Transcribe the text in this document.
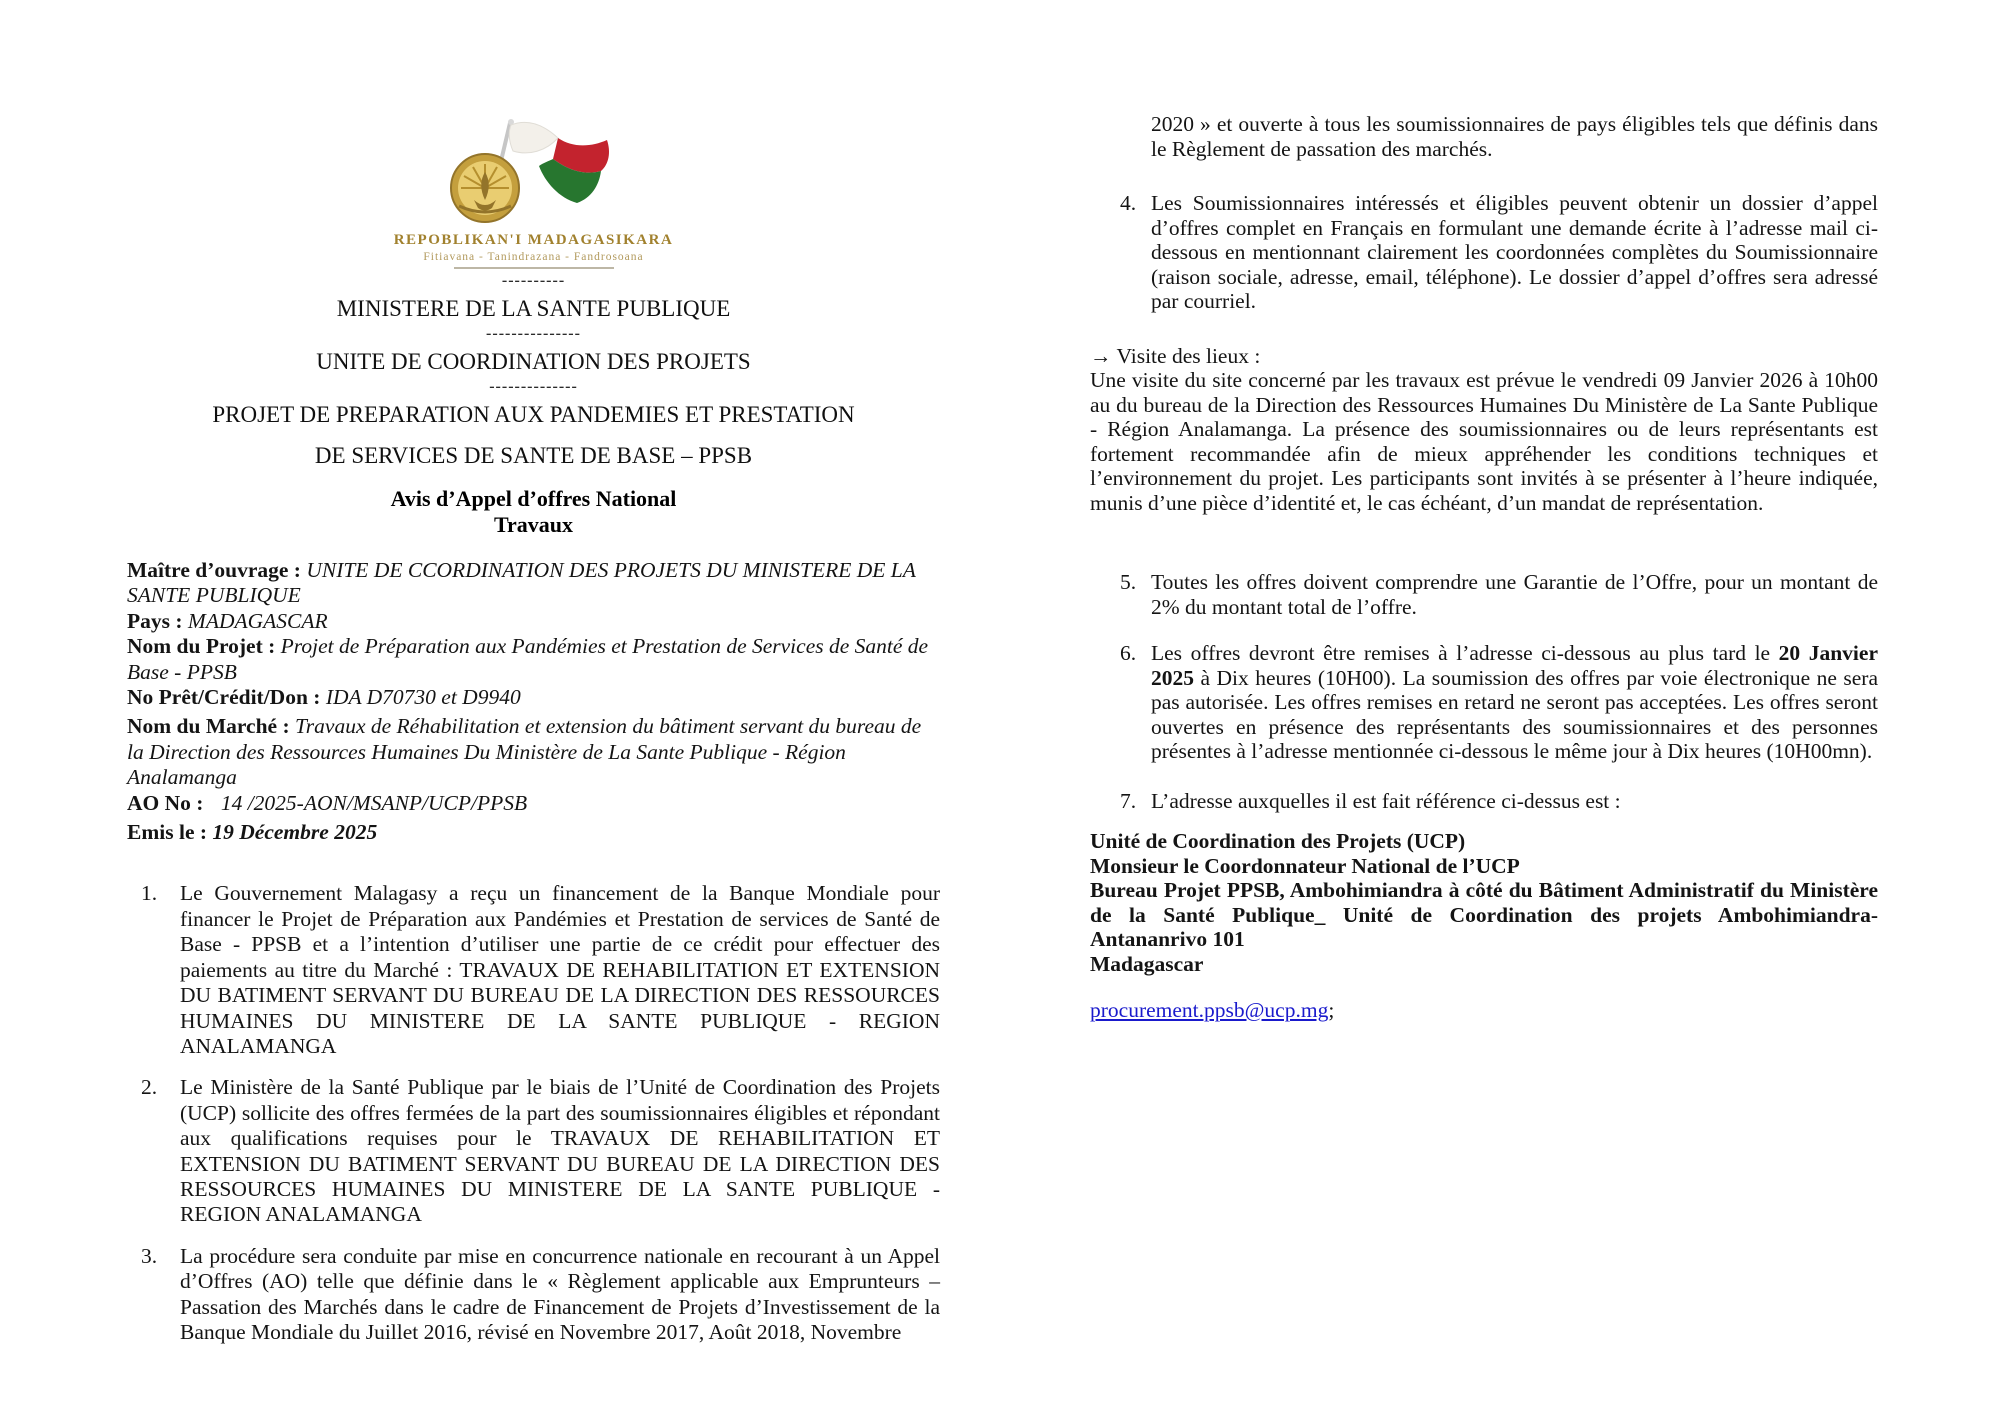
REPOBLIKAN'I MADAGASIKARA
Fitiavana - Tanindrazana - Fandrosoana
----------
MINISTERE DE LA SANTE PUBLIQUE
---------------
UNITE DE COORDINATION DES PROJETS
--------------
PROJET DE PREPARATION AUX PANDEMIES ET PRESTATION
DE SERVICES DE SANTE DE BASE – PPSB
Avis d’Appel d’offres National
Travaux
Maître d’ouvrage : UNITE DE CCORDINATION DES PROJETS DU MINISTERE DE LA SANTE PUBLIQUE
Pays : MADAGASCAR
Nom du Projet : Projet de Préparation aux Pandémies et Prestation de Services de Santé de Base - PPSB
No Prêt/Crédit/Don : IDA D70730 et D9940
Nom du Marché : Travaux de Réhabilitation et extension du bâtiment servant du bureau de la Direction des Ressources Humaines Du Ministère de La Sante Publique - Région Analamanga
AO No : 14 /2025-AON/MSANP/UCP/PPSB
Emis le : 19 Décembre 2025
1. Le Gouvernement Malagasy a reçu un financement de la Banque Mondiale pour financer le Projet de Préparation aux Pandémies et Prestation de services de Santé de Base - PPSB et a l’intention d’utiliser une partie de ce crédit pour effectuer des paiements au titre du Marché : TRAVAUX DE REHABILITATION ET EXTENSION DU BATIMENT SERVANT DU BUREAU DE LA DIRECTION DES RESSOURCES HUMAINES DU MINISTERE DE LA SANTE PUBLIQUE - REGION ANALAMANGA
2. Le Ministère de la Santé Publique par le biais de l’Unité de Coordination des Projets (UCP) sollicite des offres fermées de la part des soumissionnaires éligibles et répondant aux qualifications requises pour le TRAVAUX DE REHABILITATION ET EXTENSION DU BATIMENT SERVANT DU BUREAU DE LA DIRECTION DES RESSOURCES HUMAINES DU MINISTERE DE LA SANTE PUBLIQUE - REGION ANALAMANGA
3. La procédure sera conduite par mise en concurrence nationale en recourant à un Appel d’Offres (AO) telle que définie dans le « Règlement applicable aux Emprunteurs – Passation des Marchés dans le cadre de Financement de Projets d’Investissement de la Banque Mondiale du Juillet 2016, révisé en Novembre 2017, Août 2018, Novembre

2020 » et ouverte à tous les soumissionnaires de pays éligibles tels que définis dans le Règlement de passation des marchés.

4. Les Soumissionnaires intéressés et éligibles peuvent obtenir un dossier d’appel d’offres complet en Français en formulant une demande écrite à l’adresse mail ci-dessous en mentionnant clairement les coordonnées complètes du Soumissionnaire (raison sociale, adresse, email, téléphone). Le dossier d’appel d’offres sera adressé par courriel.
→ Visite des lieux :

Une visite du site concerné par les travaux est prévue le vendredi 09 Janvier 2026 à 10h00 au du bureau de la Direction des Ressources Humaines Du Ministère de La Sante Publique - Région Analamanga. La présence des soumissionnaires ou de leurs représentants est fortement recommandée afin de mieux appréhender les conditions techniques et l’environnement du projet. Les participants sont invités à se présenter à l’heure indiquée, munis d’une pièce d’identité et, le cas échéant, d’un mandat de représentation.

5. Toutes les offres doivent comprendre une Garantie de l’Offre, pour un montant de 2% du montant total de l’offre.
6. Les offres devront être remises à l’adresse ci-dessous au plus tard le 20 Janvier 2025 à Dix heures (10H00). La soumission des offres par voie électronique ne sera pas autorisée. Les offres remises en retard ne seront pas acceptées. Les offres seront ouvertes en présence des représentants des soumissionnaires et des personnes présentes à l’adresse mentionnée ci-dessous le même jour à Dix heures (10H00mn).
7. L’adresse auxquelles il est fait référence ci-dessus est :
Unité de Coordination des Projets (UCP)
Monsieur le Coordonnateur National de l’UCP
Bureau Projet PPSB, Ambohimiandra à côté du Bâtiment Administratif du Ministère de la Santé Publique_ Unité de Coordination des projets Ambohimiandra- Antananrivo 101
Madagascar
procurement.ppsb@ucp.mg;
